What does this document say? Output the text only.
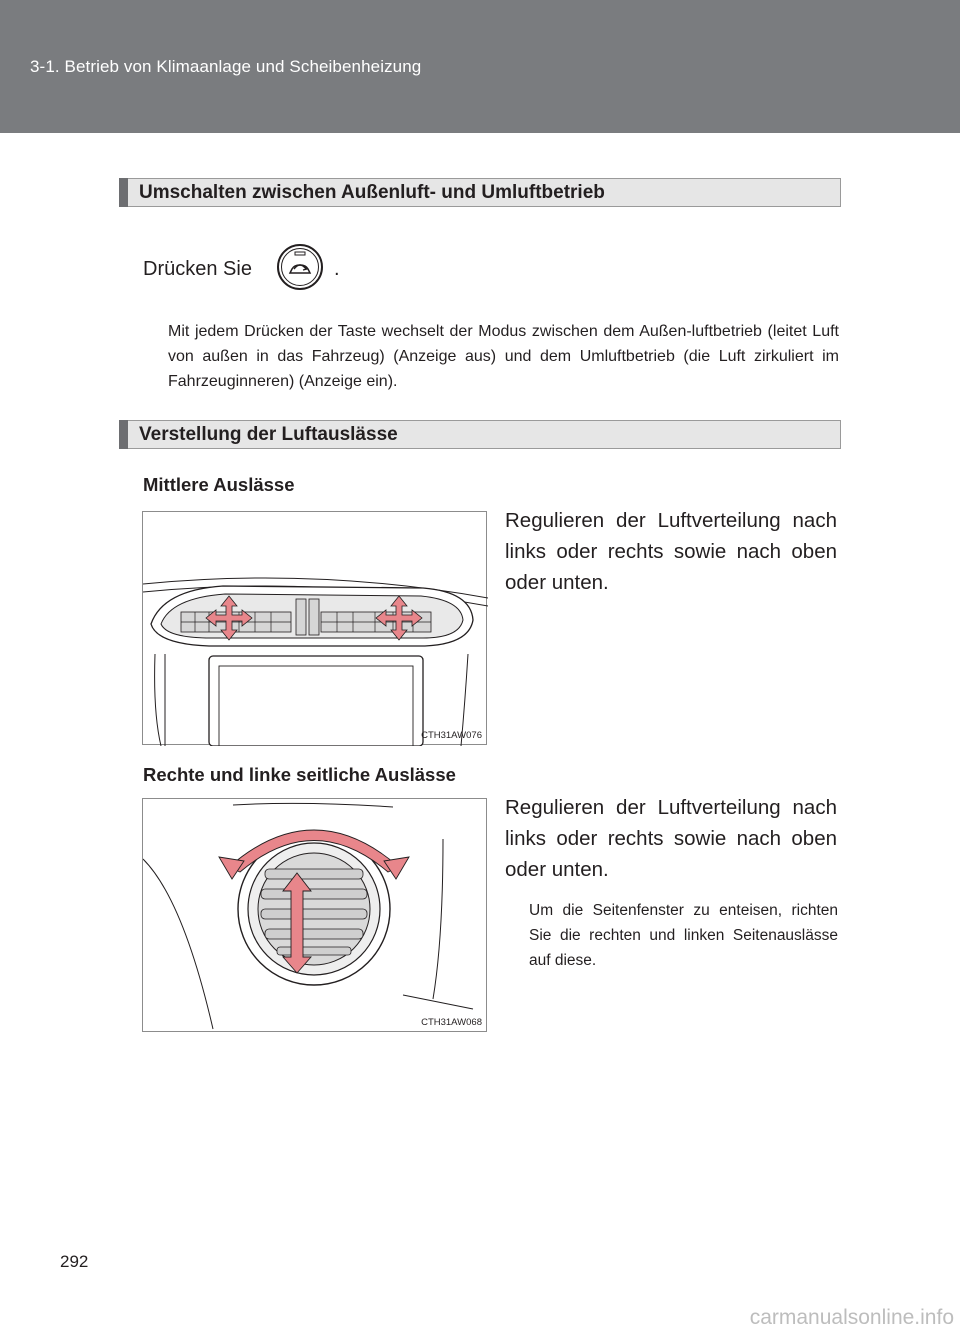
3-1. Betrieb von Klimaanlage und Scheibenheizung
Umschalten zwischen Außenluft- und Umluftbetrieb
Drücken Sie	.
Mit jedem Drücken der Taste wechselt der Modus zwischen dem Außen-luftbetrieb (leitet Luft von außen in das Fahrzeug) (Anzeige aus) und dem Umluftbetrieb (die Luft zirkuliert im Fahrzeuginneren) (Anzeige ein).
Verstellung der Luftauslässe
Mittlere Auslässe
CTH31AW076
Regulieren der Luftverteilung nach links oder rechts sowie nach oben oder unten.
Rechte und linke seitliche Auslässe
CTH31AW068
Regulieren der Luftverteilung nach links oder rechts sowie nach oben oder unten.
Um die Seitenfenster zu enteisen, richten Sie die rechten und linken Seitenauslässe auf diese.
292
carmanualsonline.info
